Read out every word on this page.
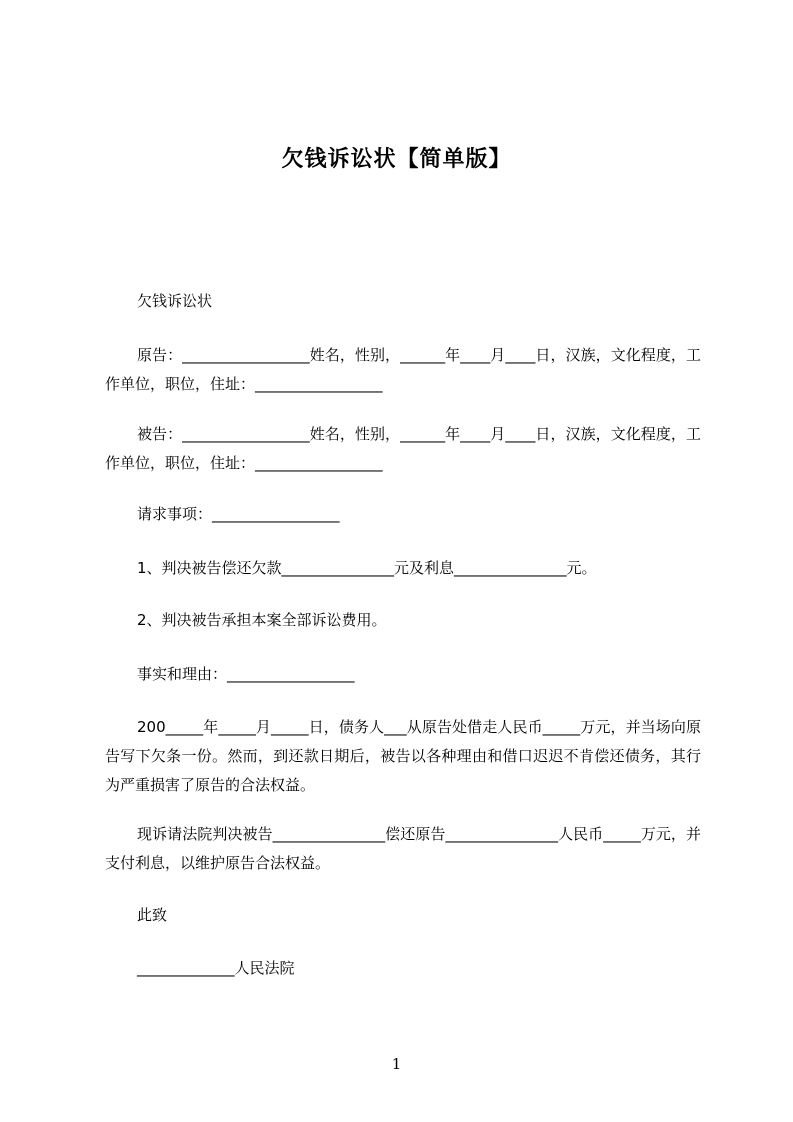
欠钱诉讼状【简单版】
欠钱诉讼状
原告：_________________姓名，性别，______年____月____日，汉族，文化程度，工作单位，职位，住址：_________________
被告：_________________姓名，性别，______年____月____日，汉族，文化程度，工作单位，职位，住址：_________________
请求事项：_________________
1、判决被告偿还欠款_______________元及利息_______________元。
2、判决被告承担本案全部诉讼费用。
事实和理由：_________________
200_____年_____月_____日，债务人___从原告处借走人民币_____万元，并当场向原告写下欠条一份。然而，到还款日期后，被告以各种理由和借口迟迟不肯偿还债务，其行为严重损害了原告的合法权益。
现诉请法院判决被告_______________偿还原告_______________人民币_____万元，并支付利息，以维护原告合法权益。
此致
_____________人民法院
1
